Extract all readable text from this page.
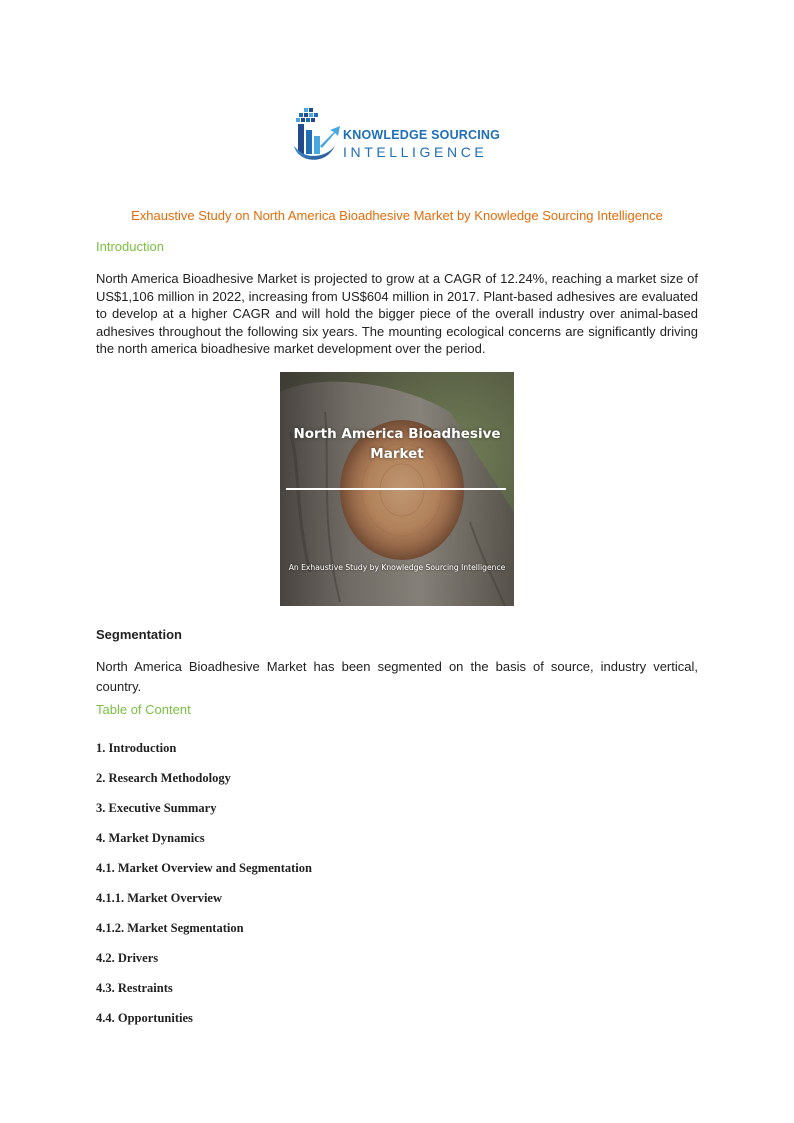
KNOWLEDGE SOURCING
INTELLIGENCE
Exhaustive Study on North America Bioadhesive Market by Knowledge Sourcing Intelligence
Introduction
North America Bioadhesive Market is projected to grow at a CAGR of 12.24%, reaching a market size of US$1,106 million in 2022, increasing from US$604 million in 2017. Plant-based adhesives are evaluated to develop at a higher CAGR and will hold the bigger piece of the overall industry over animal-based adhesives throughout the following six years. The mounting ecological concerns are significantly driving the north america bioadhesive market development over the period.
North America Bioadhesive Market
An Exhaustive Study by Knowledge Sourcing Intelligence
Segmentation
North America Bioadhesive Market has been segmented on the basis of source, industry vertical, country.
Table of Content
1. Introduction
2. Research Methodology
3. Executive Summary
4. Market Dynamics
4.1. Market Overview and Segmentation
4.1.1. Market Overview
4.1.2. Market Segmentation
4.2. Drivers
4.3. Restraints
4.4. Opportunities
